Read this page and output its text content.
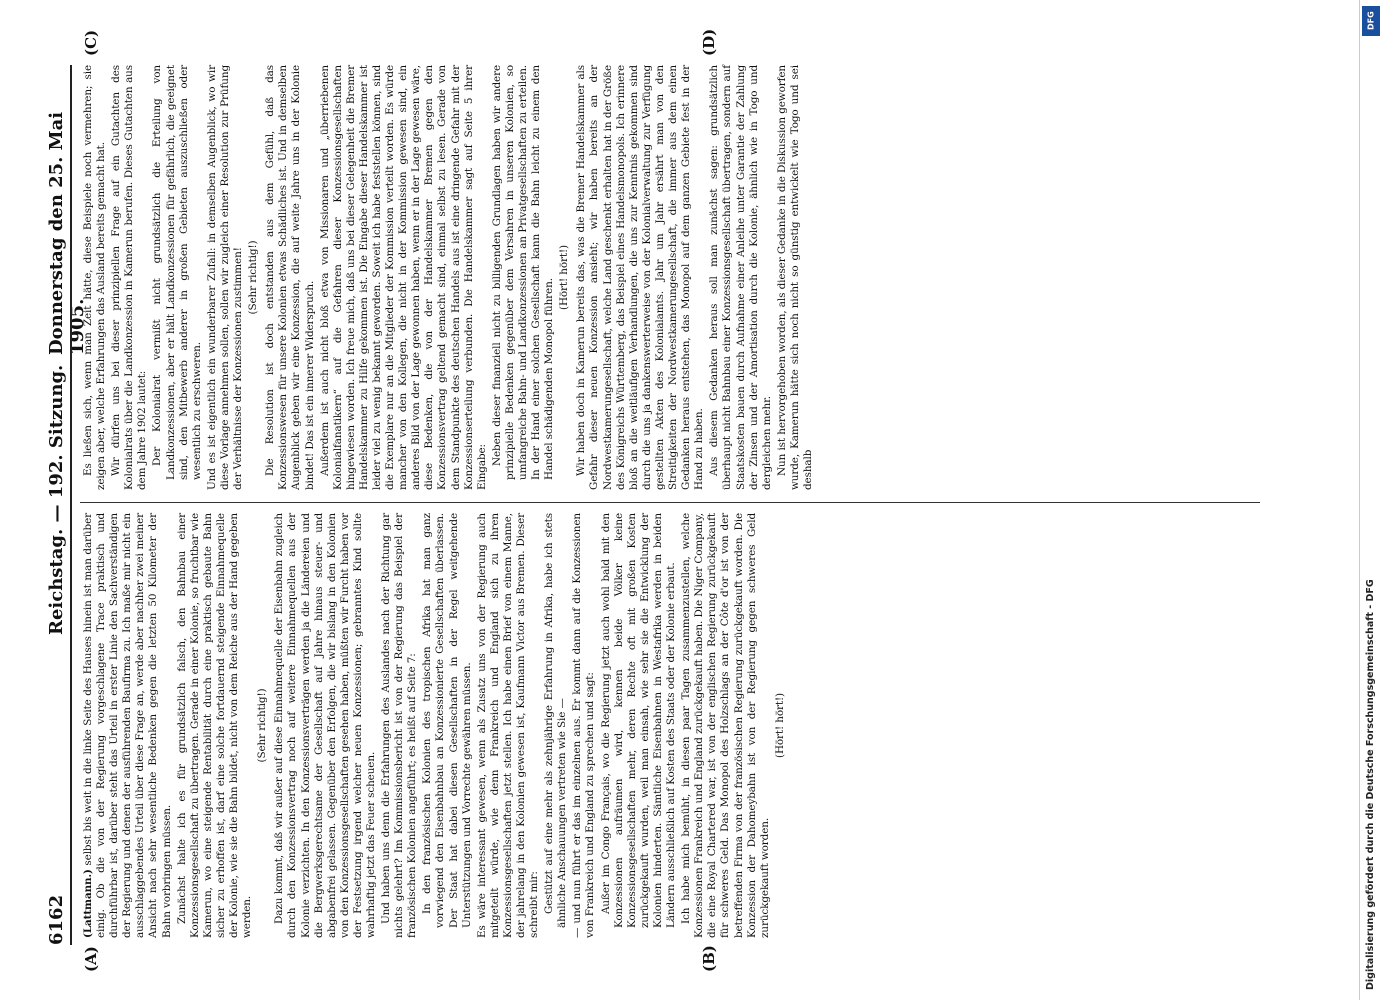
6162
Reichstag. — 192. Sitzung.
Donnerstag den 25. Mai 1905.
(A)	(B)
(C)	(D)

(Lattmann.) selbst bis weit in die linke Seite des Hauses hinein ist man darüber einig. Ob die von der Regierung vorgeschlagene Trace praktisch und durchführbar ist, darüber steht das Urteil in erster Linie den Sachverständigen der Regierung und denen der ausführenden Baufirma zu. Ich maße mir nicht ein ausschlaggebendes Urteil über diese Frage an, werde aber nachher zwei meiner Ansicht nach sehr wesentliche Bedenken gegen die letzten 50 Kilometer der Bahn vorbringen müssen. Zunächst halte ich es für grundsätzlich falsch, den Bahnbau einer Konzessionsgesellschaft zu übertragen. Gerade in einer Kolonie, so fruchtbar wie Kamerun, wo eine steigende Rentabilität durch eine praktisch gebaute Bahn sicher zu erhoffen ist, darf eine solche fortdauernd steigende Einnahmequelle der Kolonie, wie sie die Bahn bildet, nicht von dem Reiche aus der Hand gegeben werden.

(Sehr richtig!) Dazu kommt, daß wir außer auf diese Einnahmequelle der Eisenbahn zugleich durch den Konzessionsvertrag noch auf weitere Einnahmequellen aus der Kolonie verzichten. In den Konzessionsverträgen werden ja die Ländereien und die Bergwerksgerechtsame der Gesellschaft auf Jahre hinaus steuer- und abgabenfrei gelassen. Gegenüber den Erfolgen, die wir bislang in den Kolonien von den Konzessionsgesellschaften gesehen haben, müßten wir Furcht haben vor der Festsetzung irgend welcher neuen Konzessionen; gebranntes Kind sollte wahrhaftig jetzt das Feuer scheuen. Und haben uns denn die Erfahrungen des Auslandes nach der Richtung gar nichts gelehrt? Im Kommissionsbericht ist von der Regierung das Beispiel der französischen Kolonien angeführt; es heißt auf Seite 7: In den französischen Kolonien des tropischen Afrika hat man ganz vorwiegend den Eisenbahnbau an Konzessionierte Gesellschaften überlassen. Der Staat hat dabei diesen Gesellschaften in der Regel weitgehende Unterstützungen und Vorrechte gewähren müssen. Es wäre interessant gewesen, wenn als Zusatz uns von der Regierung auch mitgeteilt würde, wie denn Frankreich und England sich zu ihren Konzessionsgesellschaften jetzt stellen. Ich habe einen Brief von einem Manne, der jahrelang in den Kolonien gewesen ist, Kaufmann Victor aus Bremen. Dieser schreibt mir: Gestützt auf eine mehr als zehnjährige Erfahrung in Afrika, habe ich stets ähnliche Anschauungen vertreten wie Sie — — und nun führt er das im einzelnen aus. Er kommt dann auf die Konzessionen von Frankreich und England zu sprechen und sagt: Außer im Congo Français, wo die Regierung jetzt auch wohl bald mit den Konzessionen aufräumen wird, kennen beide Völker keine Konzessionsgesellschaften mehr, deren Rechte oft mit großen Kosten zurückgekauft wurden, weil man einsah, wie sehr sie die Entwicklung der Kolonien hinderten. Sämtliche Eisenbahnen in Westafrika werden in beiden Ländern ausschließlich auf Kosten des Staats oder der Kolonie erbaut. Ich habe mich bemüht, in diesen paar Tagen zusammenzustellen, welche Konzessionen Frankreich und England zurückgekauft haben. Die Niger Company, die eine Royal Chartered war, ist von der englischen Regierung zurückgekauft für schweres Geld. Das Monopol des Holzschlags an der Côte d'or ist von der betreffenden Firma von der französischen Regierung zurückgekauft worden. Die Konzession der Dahomeybahn ist von der Regierung gegen schweres Geld zurückgekauft worden.

(Hört! hört!)

Es ließen sich, wenn man Zeit hätte, diese Beispiele noch vermehren; sie zeigen aber, welche Erfahrungen das Ausland bereits gemacht hat. Wir dürfen uns bei dieser prinzipiellen Frage auf ein Gutachten des Kolonialrats über die Landkonzession in Kamerun berufen. Dieses Gutachten aus dem Jahre 1902 lautet: Der Kolonialrat vermißt nicht grundsätzlich die Erteilung von Landkonzessionen, aber er hält Landkonzessionen für gefährlich, die geeignet sind, den Mitbewerb anderer in großen Gebieten auszuschließen oder wesentlich zu erschweren. Und es ist eigentlich ein wunderbarer Zufall: in demselben Augenblick, wo wir diese Vorlage annehmen sollen, sollen wir zugleich einer Resolution zur Prüfung der Verhältnisse der Konzessionen zustimmen! (Sehr richtig!) Die Resolution ist doch entstanden aus dem Gefühl, daß das Konzessionswesen für unsere Kolonien etwas Schädliches ist. Und in demselben Augenblick geben wir eine Konzession, die auf weite Jahre uns in der Kolonie bindet! Das ist ein innerer Widerspruch. Außerdem ist auch nicht bloß etwa von Missionaren und „überriebenen Kolonialfanatikern“ auf die Gefahren dieser Konzessionsgesellschaften hingewiesen worden. Ich freue mich, daß uns bei dieser Gelegenheit die Bremer Handelskammer zu Hilfe gekommen ist. Die Eingabe dieser Handelskammer ist leider viel zu wenig bekannt geworden. Soweit ich habe feststellen können, sind die Exemplare nur an die Mitglieder der Kommission verteilt worden. Es würde mancher von den Kollegen, die nicht in der Kommission gewesen sind, ein anderes Bild von der Lage gewonnen haben, wenn er in der Lage gewesen wäre, diese Bedenken, die von der Handelskammer Bremen gegen den Konzessionsvertrag geltend gemacht sind, einmal selbst zu lesen. Gerade von dem Standpunkte des deutschen Handels aus ist eine dringende Gefahr mit der Konzessionserteilung verbunden. Die Handelskammer sagt auf Seite 5 ihrer Eingabe:

Neben dieser finanziell nicht zu billigenden Grundlagen haben wir andere prinzipielle Bedenken gegenüber dem Versahren in unseren Kolonien, so umfangreiche Bahn- und Landkonzessionen an Privatgesellschaften zu erteilen. In der Hand einer solchen Gesellschaft kann die Bahn leicht zu einem den Handel schädigenden Monopol führen.

(Hört! hört!) Wir haben doch in Kamerun bereits das, was die Bremer Handelskammer als Gefahr dieser neuen Konzession ansieht; wir haben bereits an der Nordwestkamerungesellschaft, welche Land geschenkt erhalten hat in der Größe des Königreichs Württemberg, das Beispiel eines Handelsmonopols. Ich erinnere bloß an die weitläufigen Verhandlungen, die uns zur Kenntnis gekommen sind durch die uns ja dankenswerterweise von der Kolonialverwaltung zur Verfügung gestellten Akten des Kolonialamts. Jahr um Jahr ersährt man von den Streitigkeiten der Nordwestkamerungesellschaft, die immer aus dem einen Gedanken heraus entstehen, das Monopol auf dem ganzen Gebiete fest in der Hand zu haben. Aus diesem Gedanken heraus soll man zunächst sagen: grundsätzlich überhaupt nicht Bahnbau einer Konzessionsgesellschaft übertragen, sondern auf Staatskosten bauen durch Aufnahme einer Anleihe unter Garantie der Zahlung der Zinsen und der Amortisation durch die Kolonie, ähnlich wie in Togo und dergleichen mehr. Nun ist hervorgehoben worden, als dieser Gedanke in die Diskussion geworfen wurde, Kamerun hätte sich noch nicht so günstig entwickelt wie Togo und sei deshalb

DFG
Digitalisierung gefördert durch die Deutsche Forschungsgemeinschaft - DFG
